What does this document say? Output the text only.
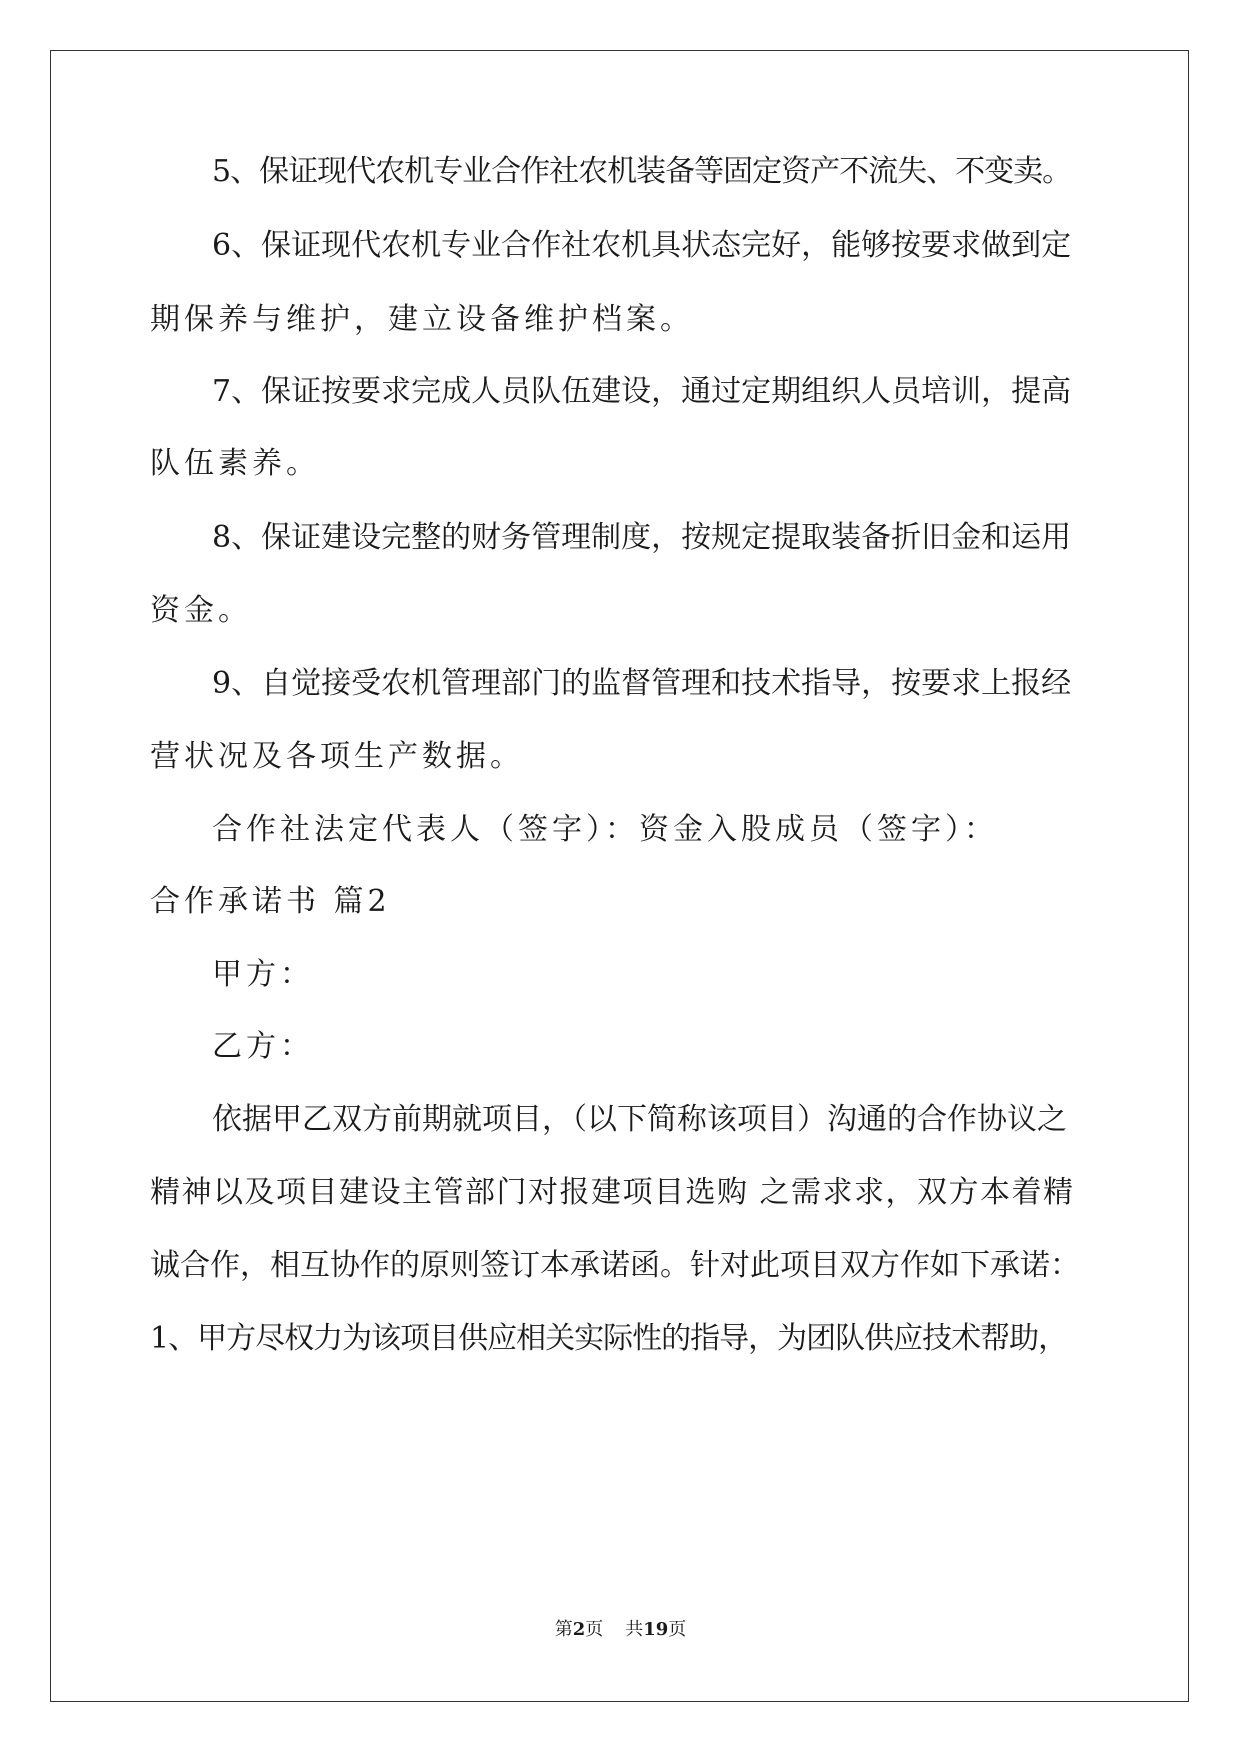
5、保证现代农机专业合作社农机装备等固定资产不流失、不变卖。
6、保证现代农机专业合作社农机具状态完好，能够按要求做到定
期保养与维护，建立设备维护档案。
7、保证按要求完成人员队伍建设，通过定期组织人员培训，提高
队伍素养。
8、保证建设完整的财务管理制度，按规定提取装备折旧金和运用
资金。
9、自觉接受农机管理部门的监督管理和技术指导，按要求上报经
营状况及各项生产数据。
合作社法定代表人（签字）：资金入股成员（签字）：
合作承诺书 篇2
甲方：
乙方：
依据甲乙双方前期就项目，（以下简称该项目）沟通的合作协议之
精神以及项目建设主管部门对报建项目选购 之需求求，双方本着精
诚合作，相互协作的原则签订本承诺函。针对此项目双方作如下承诺：
1、甲方尽权力为该项目供应相关实际性的指导，为团队供应技术帮助，
第2页 共19页
